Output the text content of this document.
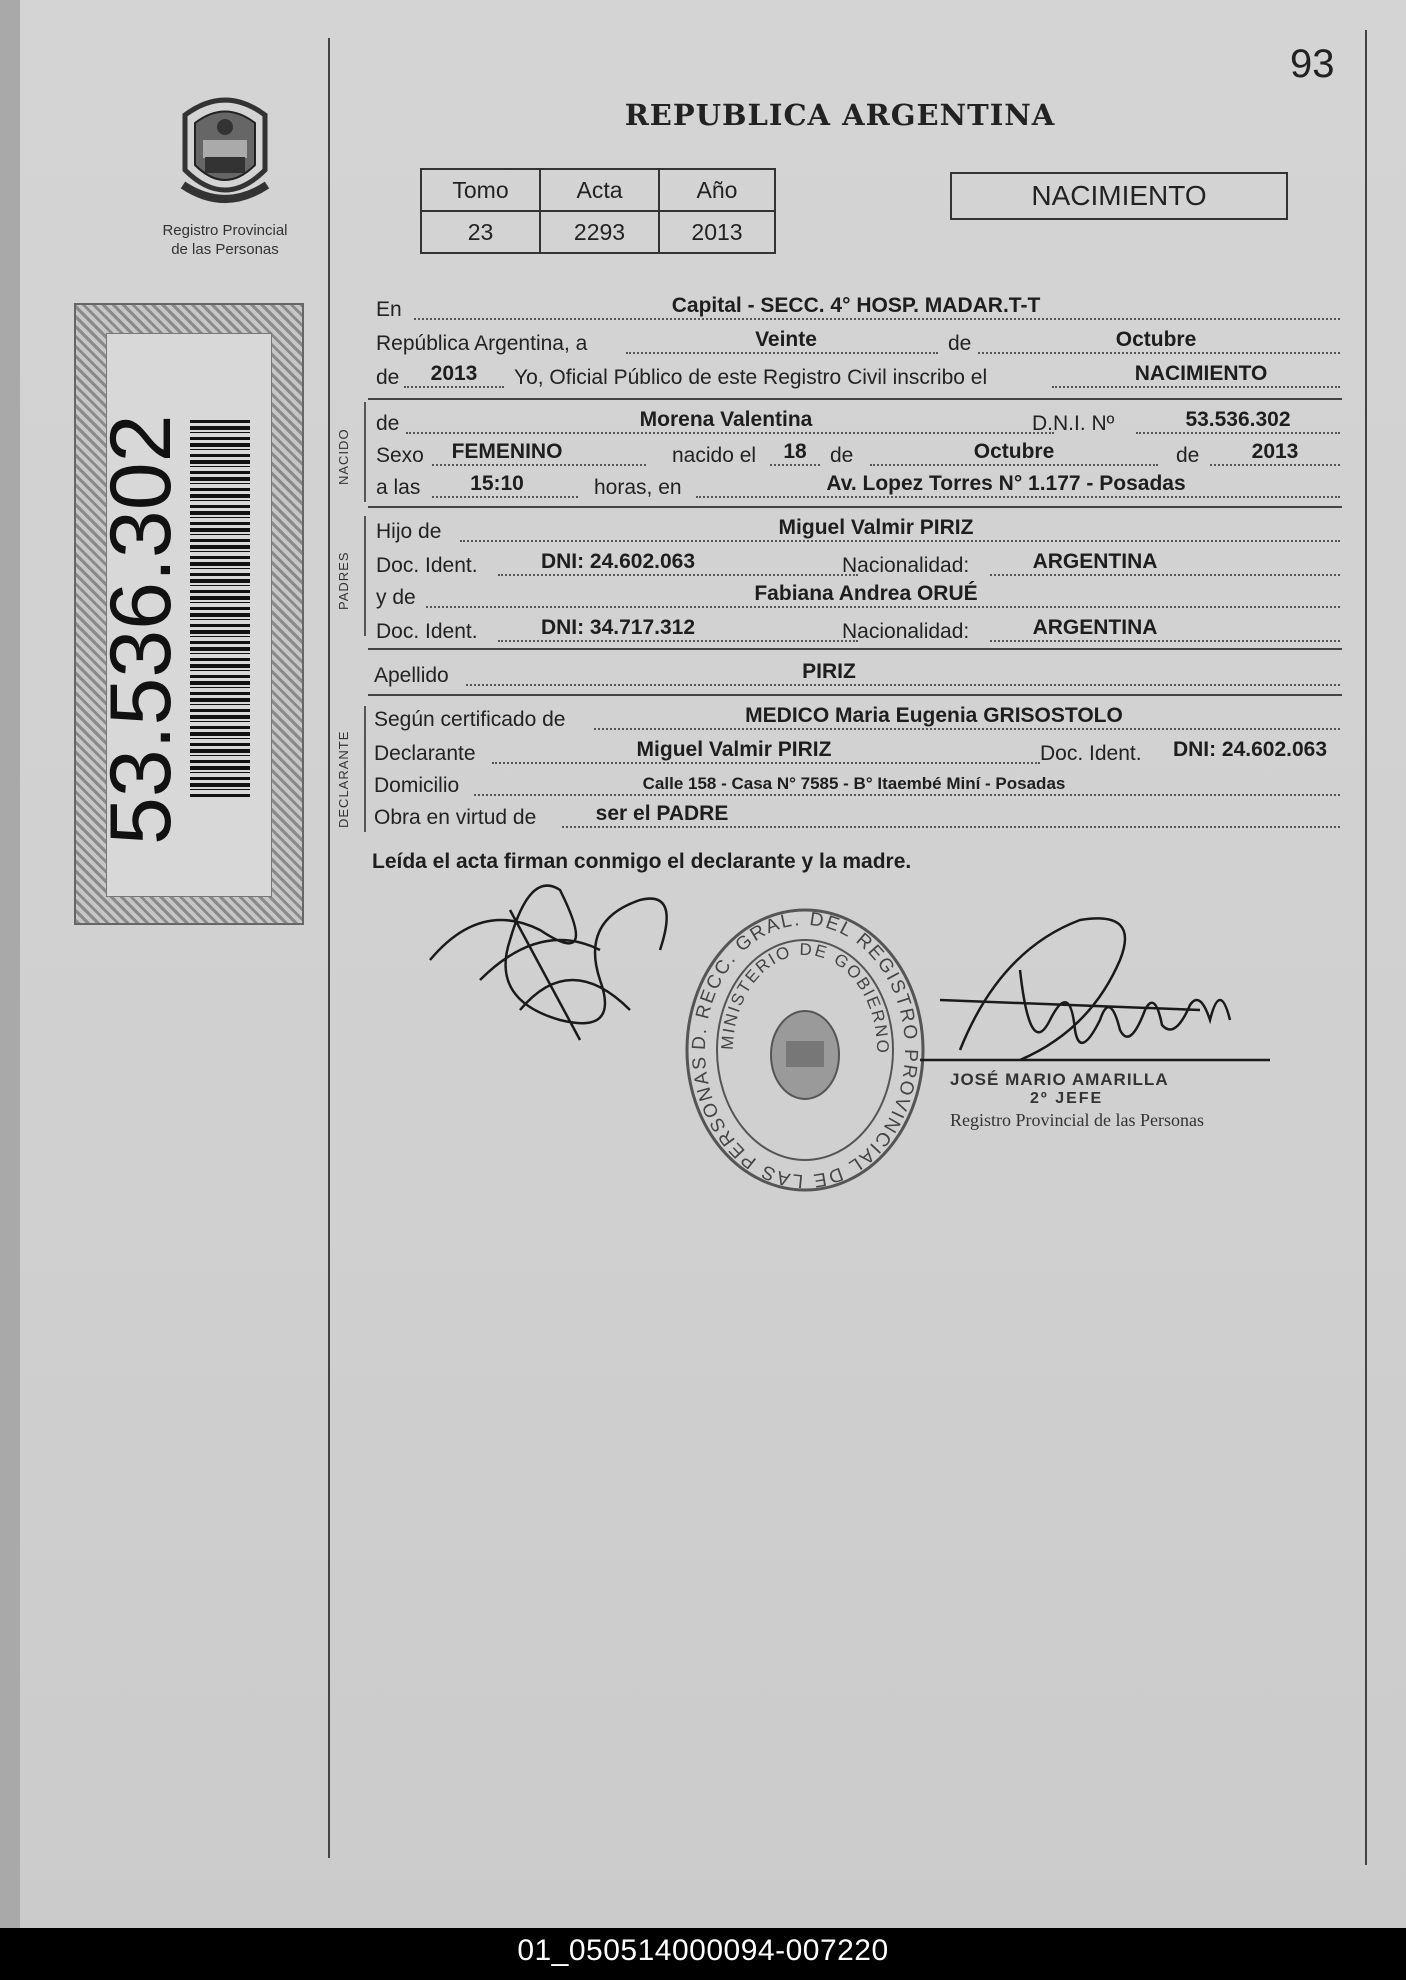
93
REPUBLICA ARGENTINA
Registro Provincial
de las Personas
53.536.302
Tomo	Acta	Año
23	2293	2013
NACIMIENTO
En	Capital - SECC. 4° HOSP. MADAR.T-T
República Argentina, a	Veinte	de	Octubre
de	2013	Yo, Oficial Público de este Registro Civil inscribo el	NACIMIENTO
NACIDO
de	Morena Valentina	D.N.I. Nº	53.536.302
Sexo	FEMENINO	nacido el	18	de	Octubre	de	2013
a las	15:10	horas, en	Av. Lopez Torres N° 1.177 - Posadas
PADRES
Hijo de	Miguel Valmir PIRIZ
Doc. Ident.	DNI: 24.602.063	Nacionalidad:	ARGENTINA
y de	Fabiana Andrea ORUÉ
Doc. Ident.	DNI: 34.717.312	Nacionalidad:	ARGENTINA
Apellido	PIRIZ
DECLARANTE
Según certificado de	MEDICO Maria Eugenia GRISOSTOLO
Declarante	Miguel Valmir PIRIZ	Doc. Ident.	DNI: 24.602.063
Domicilio	Calle 158 - Casa N° 7585 - B° Itaembé Miní - Posadas
Obra en virtud de	ser el PADRE
Leída el acta firman conmigo el declarante y la madre.
D. RECC. GRAL. DEL REGISTRO PROVINCIAL DE LAS PERSONAS
MINISTERIO DE GOBIERNO
JOSÉ MARIO AMARILLA
2º JEFE
Registro Provincial de las Personas
01_050514000094-007220
